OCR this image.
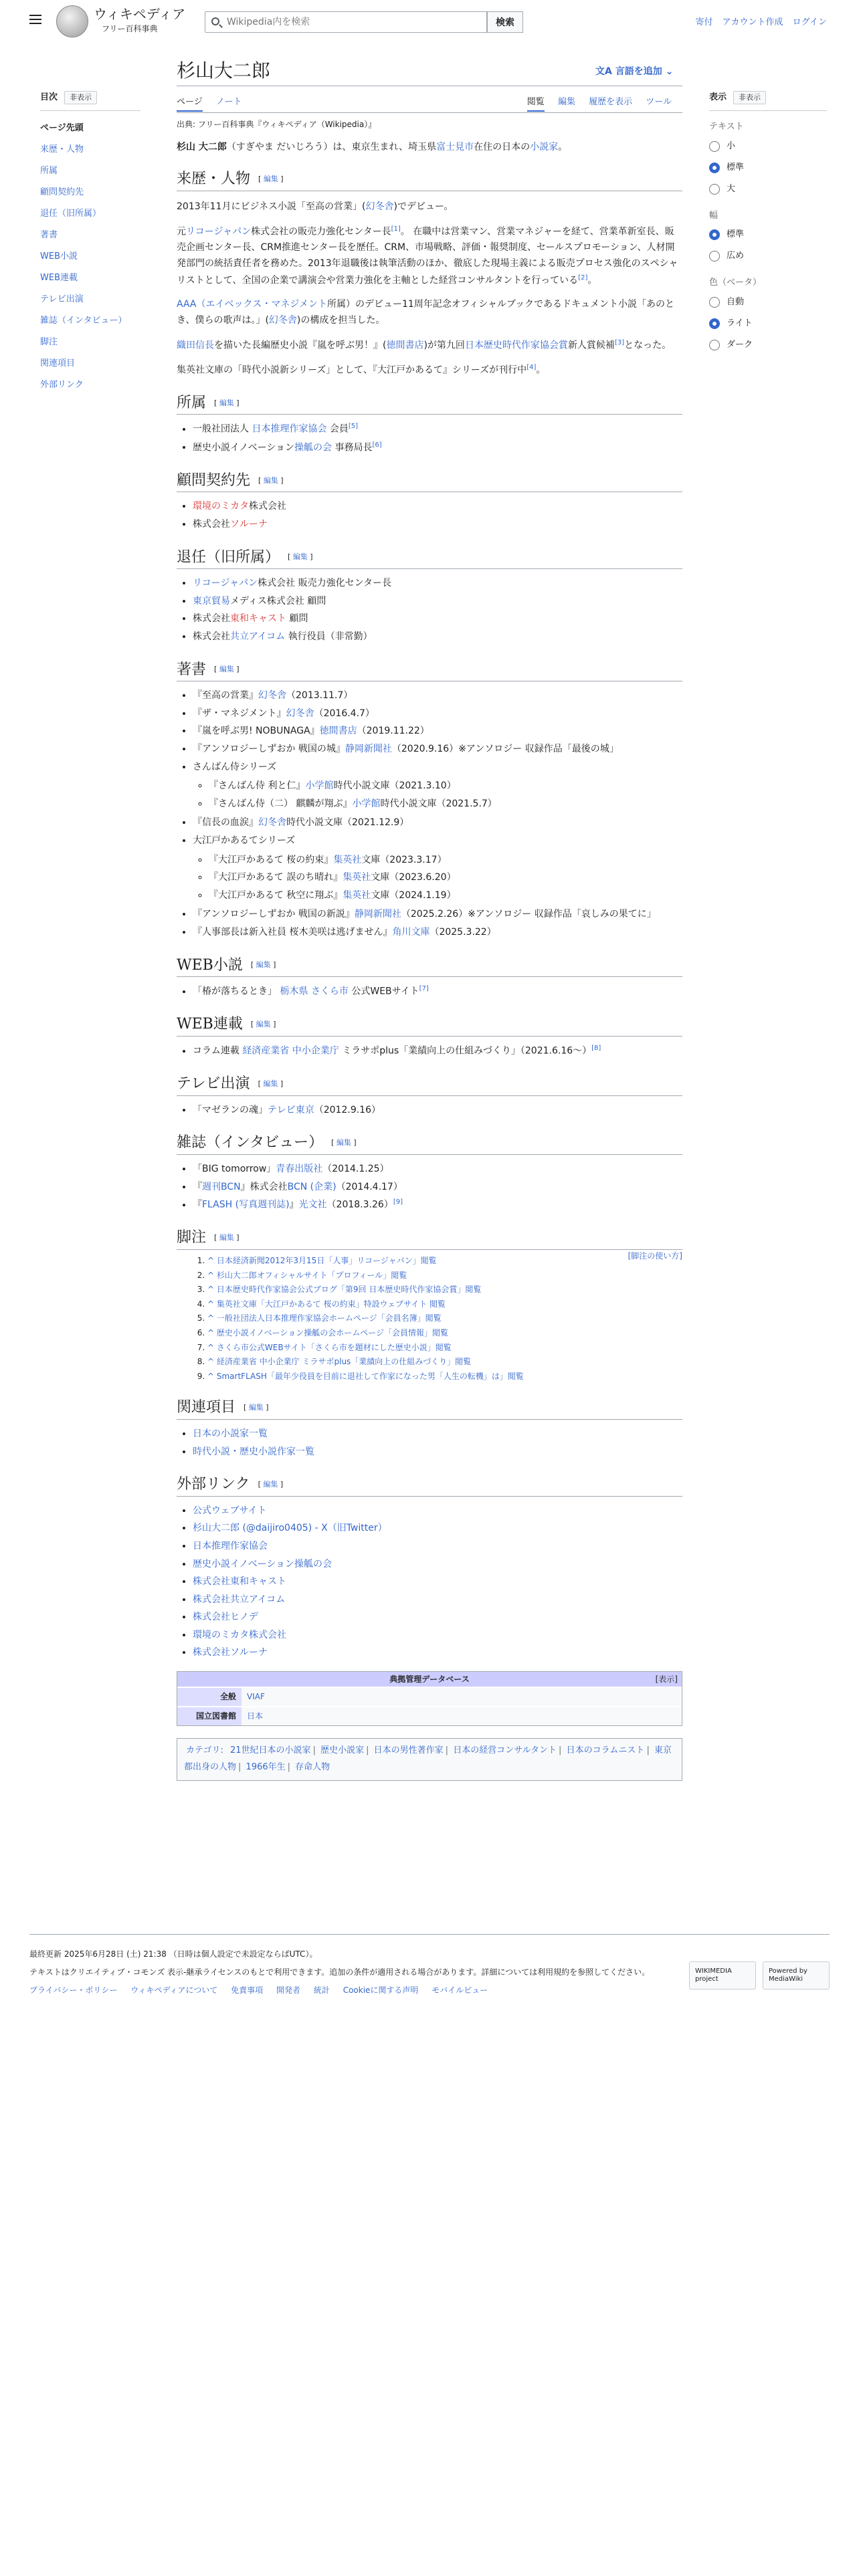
ウィキペディア
フリー百科事典
Wikipedia内を検索
検索	寄付 アカウント作成 ログイン
目次	非表示
ページ先頭
来歴・人物
所属
顧問契約先
退任（旧所属）
著書
WEB小説
WEB連載
テレビ出演
雑誌（インタビュー）
脚注
関連項目
外部リンク
文A 言語を追加 ⌄
杉山大二郎
ページ ノート	閲覧 編集 履歴を表示 ツール
出典: フリー百科事典『ウィキペディア（Wikipedia）』

杉山 大二郎（すぎやま だいじろう）は、東京生まれ、埼玉県富士見市在住の日本の小説家。

来歴・人物 [ 編集 ]

2013年11月にビジネス小説「至高の営業」(幻冬舎)でデビュー。

元リコージャパン株式会社の販売力強化センター長[1]。 在職中は営業マン、営業マネジャーを経て、営業革新室長、販売企画センター長、CRM推進センター長を歴任。CRM、市場戦略、評価・報奨制度、セールスプロモーション、人材開発部門の統括責任者を務めた。2013年退職後は執筆活動のほか、徹底した現場主義による販売プロセス強化のスペシャリストとして、全国の企業で講演会や営業力強化を主軸とした経営コンサルタントを行っている[2]。

AAA（エイベックス・マネジメント所属）のデビュー11周年記念オフィシャルブックであるドキュメント小説「あのとき、僕らの歌声は。」(幻冬舎)の構成を担当した。

織田信長を描いた長編歴史小説『嵐を呼ぶ男！』(徳間書店)が第九回日本歴史時代作家協会賞新人賞候補[3]となった。

集英社文庫の「時代小説新シリーズ」として、『大江戸かあるて』シリーズが刊行中[4]。

所属 [ 編集 ]
• 一般社団法人 日本推理作家協会 会員[5]
• 歴史小説イノベーション操觚の会 事務局長[6]
顧問契約先 [ 編集 ]
• 環境のミカタ株式会社
• 株式会社ソルーナ
退任（旧所属） [ 編集 ]
• リコージャパン株式会社 販売力強化センター長
• 東京貿易メディス株式会社 顧問
• 株式会社東和キャスト 顧問
• 株式会社共立アイコム 執行役員（非常勤）
著書 [ 編集 ]
• 『至高の営業』幻冬舎（2013.11.7）
• 『ザ・マネジメント』幻冬舎（2016.4.7）
• 『嵐を呼ぶ男! NOBUNAGA』徳間書店（2019.11.22）
• 『アンソロジーしずおか 戦国の城』静岡新聞社（2020.9.16）※アンソロジー 収録作品「最後の城」
• さんばん侍シリーズ
◦ 『さんばん侍 利と仁』小学館時代小説文庫（2021.3.10）
◦ 『さんばん侍（二） 麒麟が翔ぶ』小学館時代小説文庫（2021.5.7）
• 『信長の血涙』幻冬舎時代小説文庫（2021.12.9）
• 大江戸かあるてシリーズ
◦ 『大江戸かあるて 桜の約束』集英社文庫（2023.3.17）
◦ 『大江戸かあるて 誤のち晴れ』集英社文庫（2023.6.20）
◦ 『大江戸かあるて 秋空に翔ぶ』集英社文庫（2024.1.19）
• 『アンソロジーしずおか 戦国の新説』静岡新聞社（2025.2.26）※アンソロジー 収録作品「哀しみの果てに」
• 『人事部長は新入社員 桜木美咲は逃げません』角川文庫（2025.3.22）
WEB小説 [ 編集 ]
• 「椿が落ちるとき」 栃木県 さくら市 公式WEBサイト[7]
WEB連載 [ 編集 ]
• コラム連載 経済産業省 中小企業庁 ミラサポplus「業績向上の仕組みづくり」（2021.6.16〜）[8]
テレビ出演 [ 編集 ]
• 「マゼランの魂」テレビ東京（2012.9.16）
雑誌（インタビュー） [ 編集 ]
• 「BIG tomorrow」青春出版社（2014.1.25）
• 『週刊BCN』株式会社BCN (企業)（2014.4.17）
• 『FLASH (写真週刊誌)』光文社（2018.3.26）[9]
脚注 [ 編集 ]
[脚注の使い方]
1. ^ 日本経済新聞2012年3月15日「人事」リコージャパン」閲覧
2. ^ 杉山大二郎オフィシャルサイト「プロフィール」閲覧
3. ^ 日本歴史時代作家協会公式ブログ「第9回 日本歴史時代作家協会賞」閲覧
4. ^ 集英社文庫「大江戸かあるて 桜の約束」特設ウェブサイト 閲覧
5. ^ 一般社団法人日本推理作家協会ホームページ「会員名簿」閲覧
6. ^ 歴史小説イノベーション操觚の会ホームページ「会員情報」閲覧
7. ^ さくら市公式WEBサイト「さくら市を題材にした歴史小説」閲覧
8. ^ 経済産業省 中小企業庁 ミラサポplus「業績向上の仕組みづくり」閲覧
9. ^ SmartFLASH「最年少役員を目前に退社して作家になった男「人生の転機」は」閲覧
関連項目 [ 編集 ]
• 日本の小説家一覧
• 時代小説・歴史小説作家一覧
外部リンク [ 編集 ]
• 公式ウェブサイト
• 杉山大二郎 (@daijiro0405) - X（旧Twitter）
• 日本推理作家協会
• 歴史小説イノベーション操觚の会
• 株式会社東和キャスト
• 株式会社共立アイコム
• 株式会社ヒノデ
• 環境のミカタ株式会社
• 株式会社ソルーナ
典拠管理データベース	[表示]
全般	VIAF
国立図書館	日本
カテゴリ: 21世紀日本の小説家 | 歴史小説家 | 日本の男性著作家 | 日本の経営コンサルタント | 日本のコラムニスト | 東京都出身の人物 | 1966年生 | 存命人物
表示	非表示
テキスト
小
標準
大
幅
標準
広め
色（ベータ）
自動
ライト
ダーク

最終更新 2025年6月28日 (土) 21:38 （日時は個人設定で未設定ならばUTC）。

テキストはクリエイティブ・コモンズ 表示-継承ライセンスのもとで利用できます。追加の条件が適用される場合があります。詳細については利用規約を参照してください。

プライバシー・ポリシー ウィキペディアについて 免責事項 開発者 統計 Cookieに関する声明 モバイルビュー

WIKIMEDIA project
Powered by MediaWiki
